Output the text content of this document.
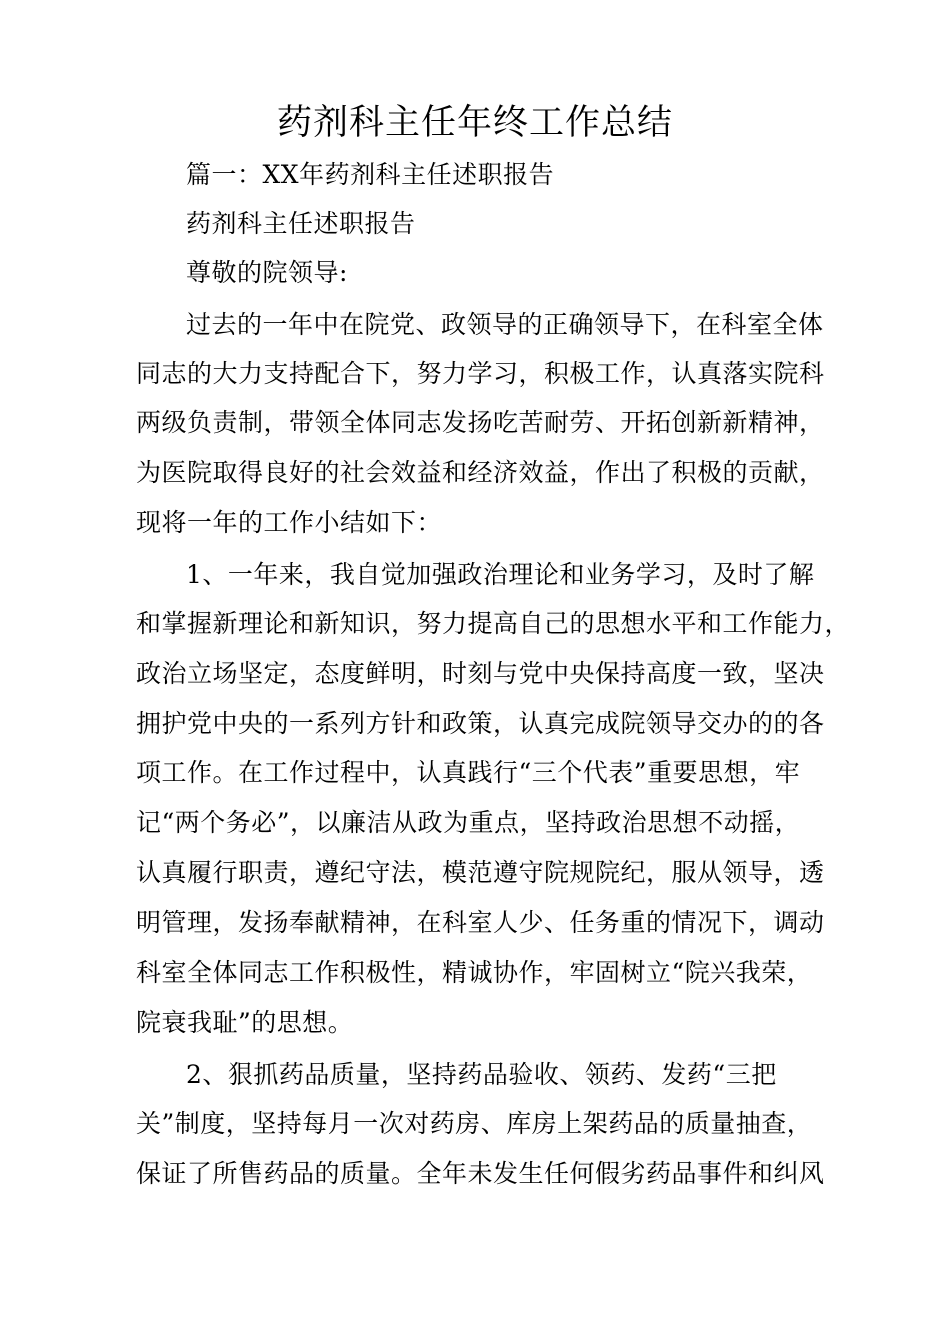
药剂科主任年终工作总结
篇一：XX年药剂科主任述职报告
药剂科主任述职报告
尊敬的院领导:
过去的一年中在院党、政领导的正确领导下，在科室全体
同志的大力支持配合下，努力学习，积极工作，认真落实院科
两级负责制，带领全体同志发扬吃苦耐劳、开拓创新新精神，
为医院取得良好的社会效益和经济效益，作出了积极的贡献，
现将一年的工作小结如下：
1、一年来，我自觉加强政治理论和业务学习，及时了解
和掌握新理论和新知识，努力提高自己的思想水平和工作能力，
政治立场坚定，态度鲜明，时刻与党中央保持高度一致，坚决
拥护党中央的一系列方针和政策，认真完成院领导交办的的各
项工作。在工作过程中，认真践行“三个代表”重要思想，牢
记“两个务必”，以廉洁从政为重点，坚持政治思想不动摇，
认真履行职责，遵纪守法，模范遵守院规院纪，服从领导，透
明管理，发扬奉献精神，在科室人少、任务重的情况下，调动
科室全体同志工作积极性，精诚协作，牢固树立“院兴我荣，
院衰我耻”的思想。
2、狠抓药品质量，坚持药品验收、领药、发药“三把
关”制度，坚持每月一次对药房、库房上架药品的质量抽查，
保证了所售药品的质量。全年未发生任何假劣药品事件和纠风
